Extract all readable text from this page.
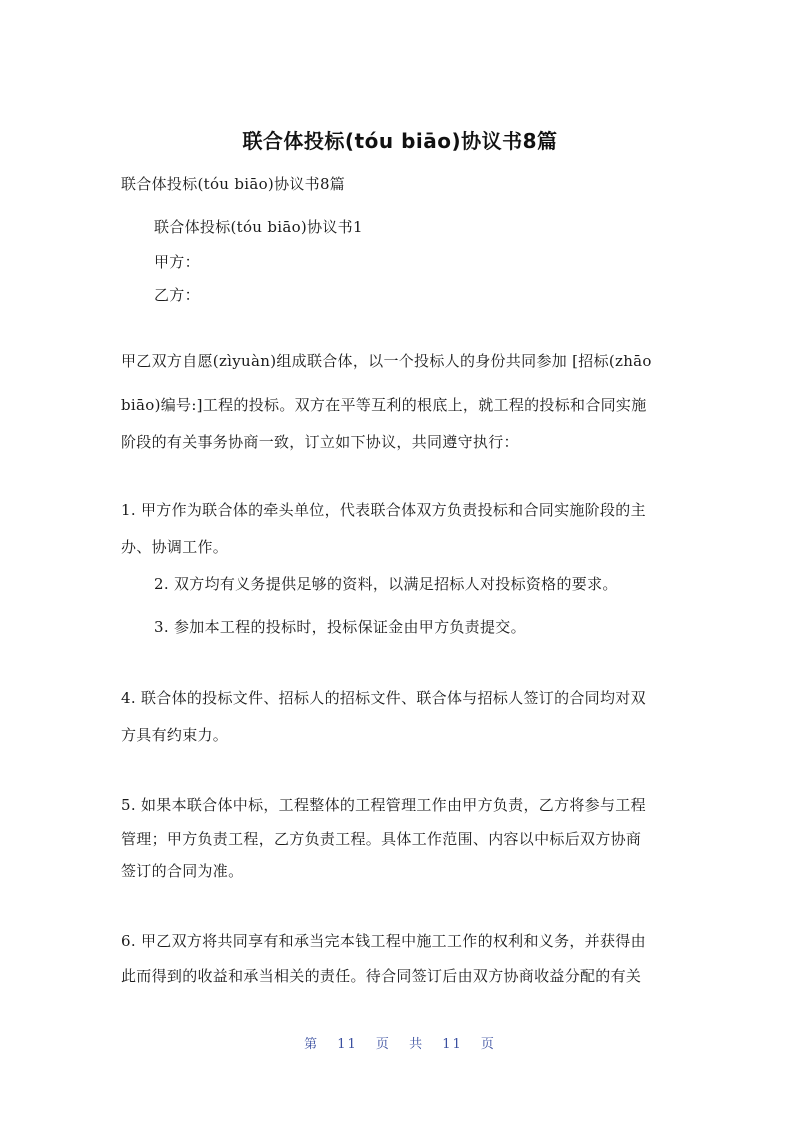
联合体投标(tóu biāo)协议书8篇
联合体投标(tóu biāo)协议书8篇
联合体投标(tóu biāo)协议书1
甲方：
乙方：
甲乙双方自愿(zìyuàn)组成联合体，以一个投标人的身份共同参加 [招标(zhāo
biāo)编号:]工程的投标。双方在平等互利的根底上，就工程的投标和合同实施
阶段的有关事务协商一致，订立如下协议，共同遵守执行：
1. 甲方作为联合体的牵头单位，代表联合体双方负责投标和合同实施阶段的主
办、协调工作。
2. 双方均有义务提供足够的资料，以满足招标人对投标资格的要求。
3. 参加本工程的投标时，投标保证金由甲方负责提交。
4. 联合体的投标文件、招标人的招标文件、联合体与招标人签订的合同均对双
方具有约束力。
5. 如果本联合体中标，工程整体的工程管理工作由甲方负责，乙方将参与工程
管理；甲方负责工程，乙方负责工程。具体工作范围、内容以中标后双方协商
签订的合同为准。
6. 甲乙双方将共同享有和承当完本钱工程中施工工作的权利和义务，并获得由
此而得到的收益和承当相关的责任。待合同签订后由双方协商收益分配的有关
第 11 页 共 11 页
